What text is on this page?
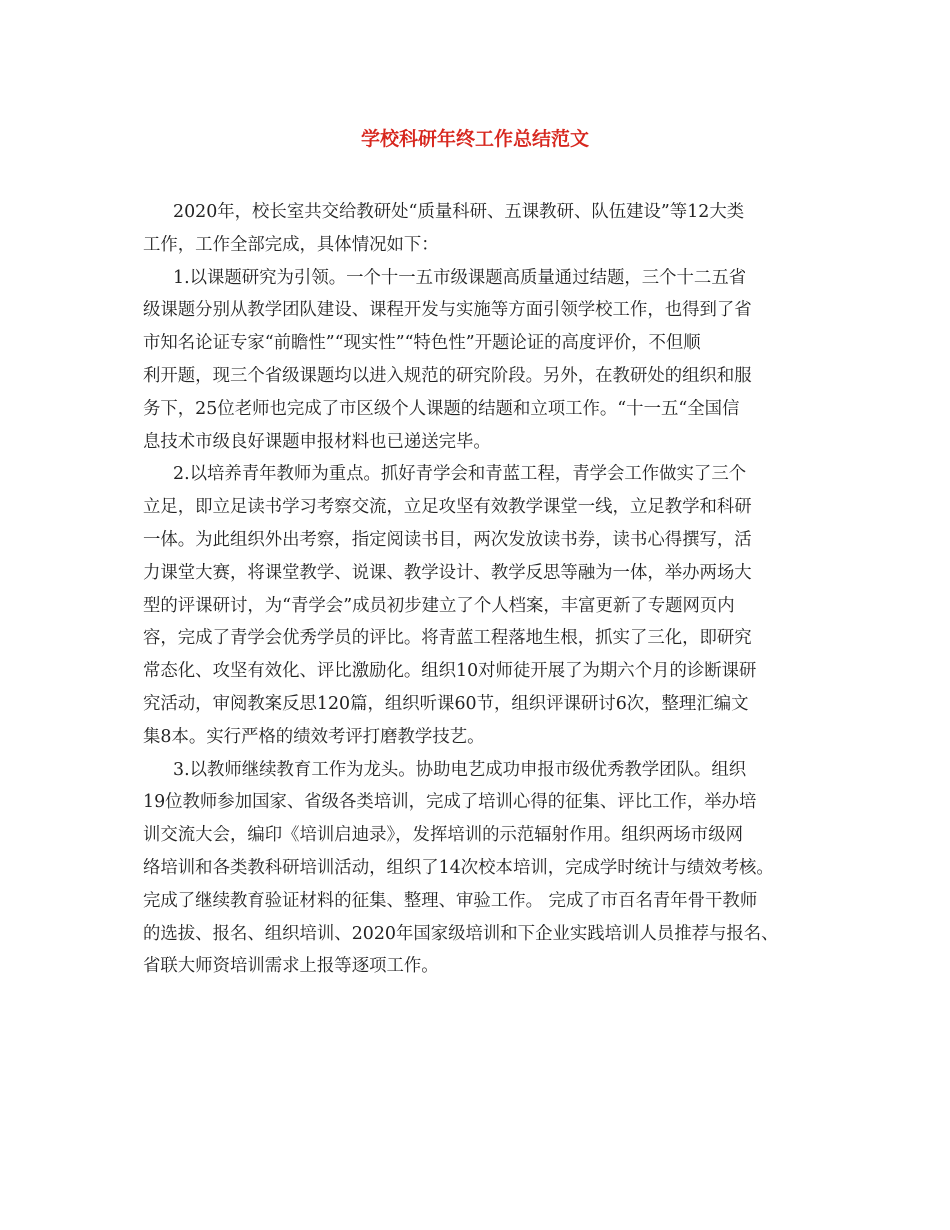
学校科研年终工作总结范文
2020年，校长室共交给教研处“质量科研、五课教研、队伍建设”等12大类
工作，工作全部完成，具体情况如下：
1.以课题研究为引领。一个十一五市级课题高质量通过结题，三个十二五省
级课题分别从教学团队建设、课程开发与实施等方面引领学校工作，也得到了省
市知名论证专家“前瞻性”“现实性”“特色性”开题论证的高度评价，不但顺
利开题，现三个省级课题均以进入规范的研究阶段。另外，在教研处的组织和服
务下，25位老师也完成了市区级个人课题的结题和立项工作。“十一五“全国信
息技术市级良好课题申报材料也已递送完毕。
2.以培养青年教师为重点。抓好青学会和青蓝工程，青学会工作做实了三个
立足，即立足读书学习考察交流，立足攻坚有效教学课堂一线，立足教学和科研
一体。为此组织外出考察，指定阅读书目，两次发放读书券，读书心得撰写，活
力课堂大赛，将课堂教学、说课、教学设计、教学反思等融为一体，举办两场大
型的评课研讨，为“青学会”成员初步建立了个人档案，丰富更新了专题网页内
容，完成了青学会优秀学员的评比。将青蓝工程落地生根，抓实了三化，即研究
常态化、攻坚有效化、评比激励化。组织10对师徒开展了为期六个月的诊断课研
究活动，审阅教案反思120篇，组织听课60节，组织评课研讨6次，整理汇编文
集8本。实行严格的绩效考评打磨教学技艺。
3.以教师继续教育工作为龙头。协助电艺成功申报市级优秀教学团队。组织
19位教师参加国家、省级各类培训，完成了培训心得的征集、评比工作，举办培
训交流大会，编印《培训启迪录》，发挥培训的示范辐射作用。组织两场市级网
络培训和各类教科研培训活动，组织了14次校本培训，完成学时统计与绩效考核。
完成了继续教育验证材料的征集、整理、审验工作。 完成了市百名青年骨干教师
的选拔、报名、组织培训、2020年国家级培训和下企业实践培训人员推荐与报名、
省联大师资培训需求上报等逐项工作。
